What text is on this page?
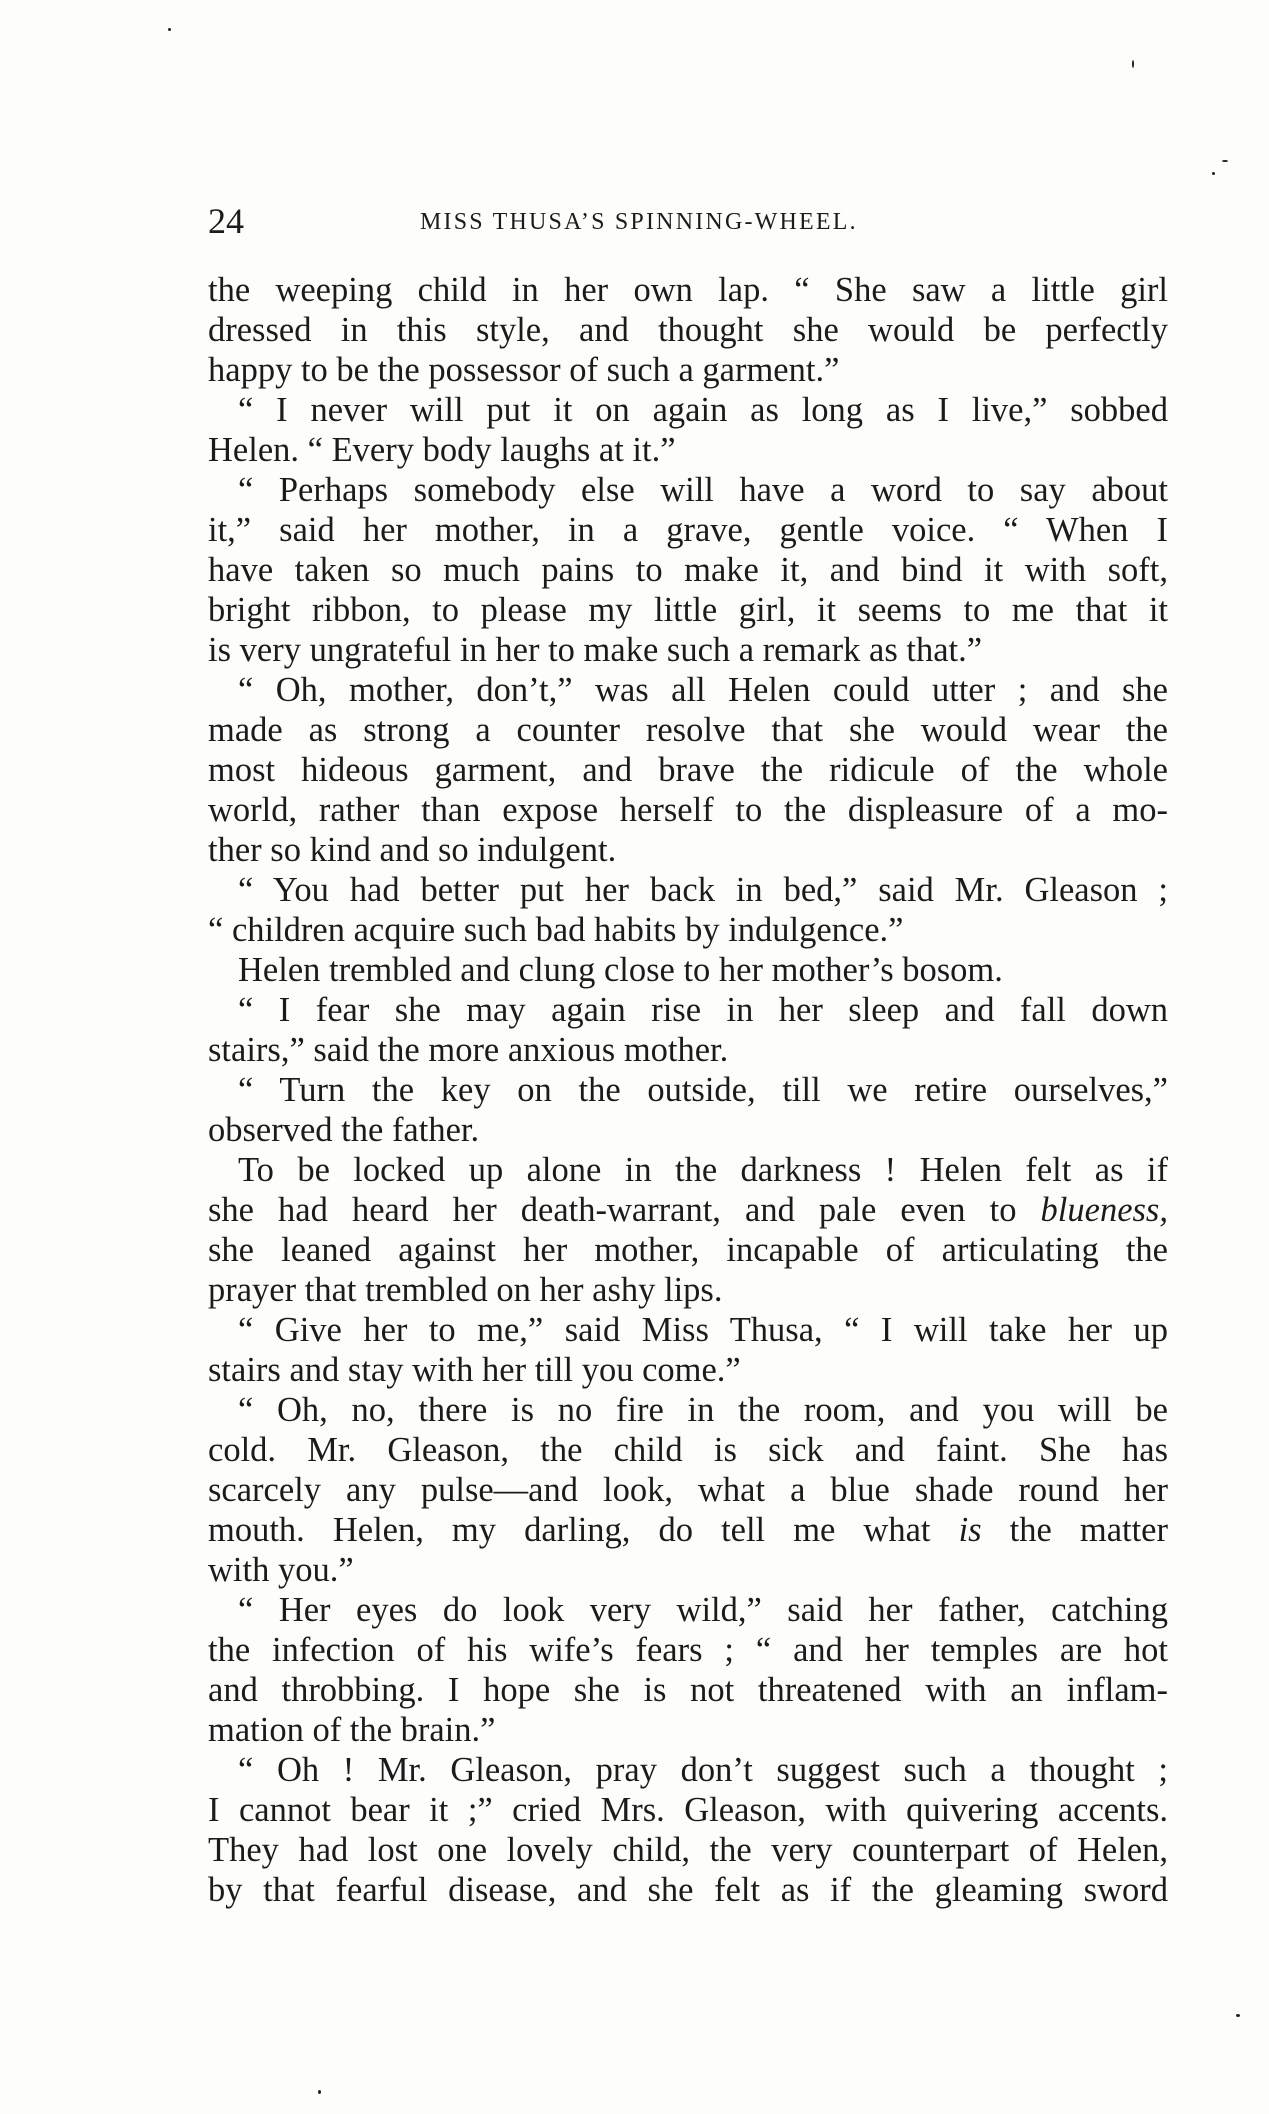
24	MISS THUSA’S SPINNING-WHEEL.
the weeping child in her own lap. “ She saw a little girl
dressed in this style, and thought she would be perfectly
happy to be the possessor of such a garment.”
“ I never will put it on again as long as I live,” sobbed
Helen. “ Every body laughs at it.”
“ Perhaps somebody else will have a word to say about
it,” said her mother, in a grave, gentle voice. “ When I
have taken so much pains to make it, and bind it with soft,
bright ribbon, to please my little girl, it seems to me that it
is very ungrateful in her to make such a remark as that.”
“ Oh, mother, don’t,” was all Helen could utter ; and she
made as strong a counter resolve that she would wear the
most hideous garment, and brave the ridicule of the whole
world, rather than expose herself to the displeasure of a mo-
ther so kind and so indulgent.
“ You had better put her back in bed,” said Mr. Gleason ;
“ children acquire such bad habits by indulgence.”
Helen trembled and clung close to her mother’s bosom.
“ I fear she may again rise in her sleep and fall down
stairs,” said the more anxious mother.
“ Turn the key on the outside, till we retire ourselves,”
observed the father.
To be locked up alone in the darkness ! Helen felt as if
she had heard her death-warrant, and pale even to blueness,
she leaned against her mother, incapable of articulating the
prayer that trembled on her ashy lips.
“ Give her to me,” said Miss Thusa, “ I will take her up
stairs and stay with her till you come.”
“ Oh, no, there is no fire in the room, and you will be
cold. Mr. Gleason, the child is sick and faint. She has
scarcely any pulse—and look, what a blue shade round her
mouth. Helen, my darling, do tell me what is the matter
with you.”
“ Her eyes do look very wild,” said her father, catching
the infection of his wife’s fears ; “ and her temples are hot
and throbbing. I hope she is not threatened with an inflam-
mation of the brain.”
“ Oh ! Mr. Gleason, pray don’t suggest such a thought ;
I cannot bear it ;” cried Mrs. Gleason, with quivering accents.
They had lost one lovely child, the very counterpart of Helen,
by that fearful disease, and she felt as if the gleaming sword
